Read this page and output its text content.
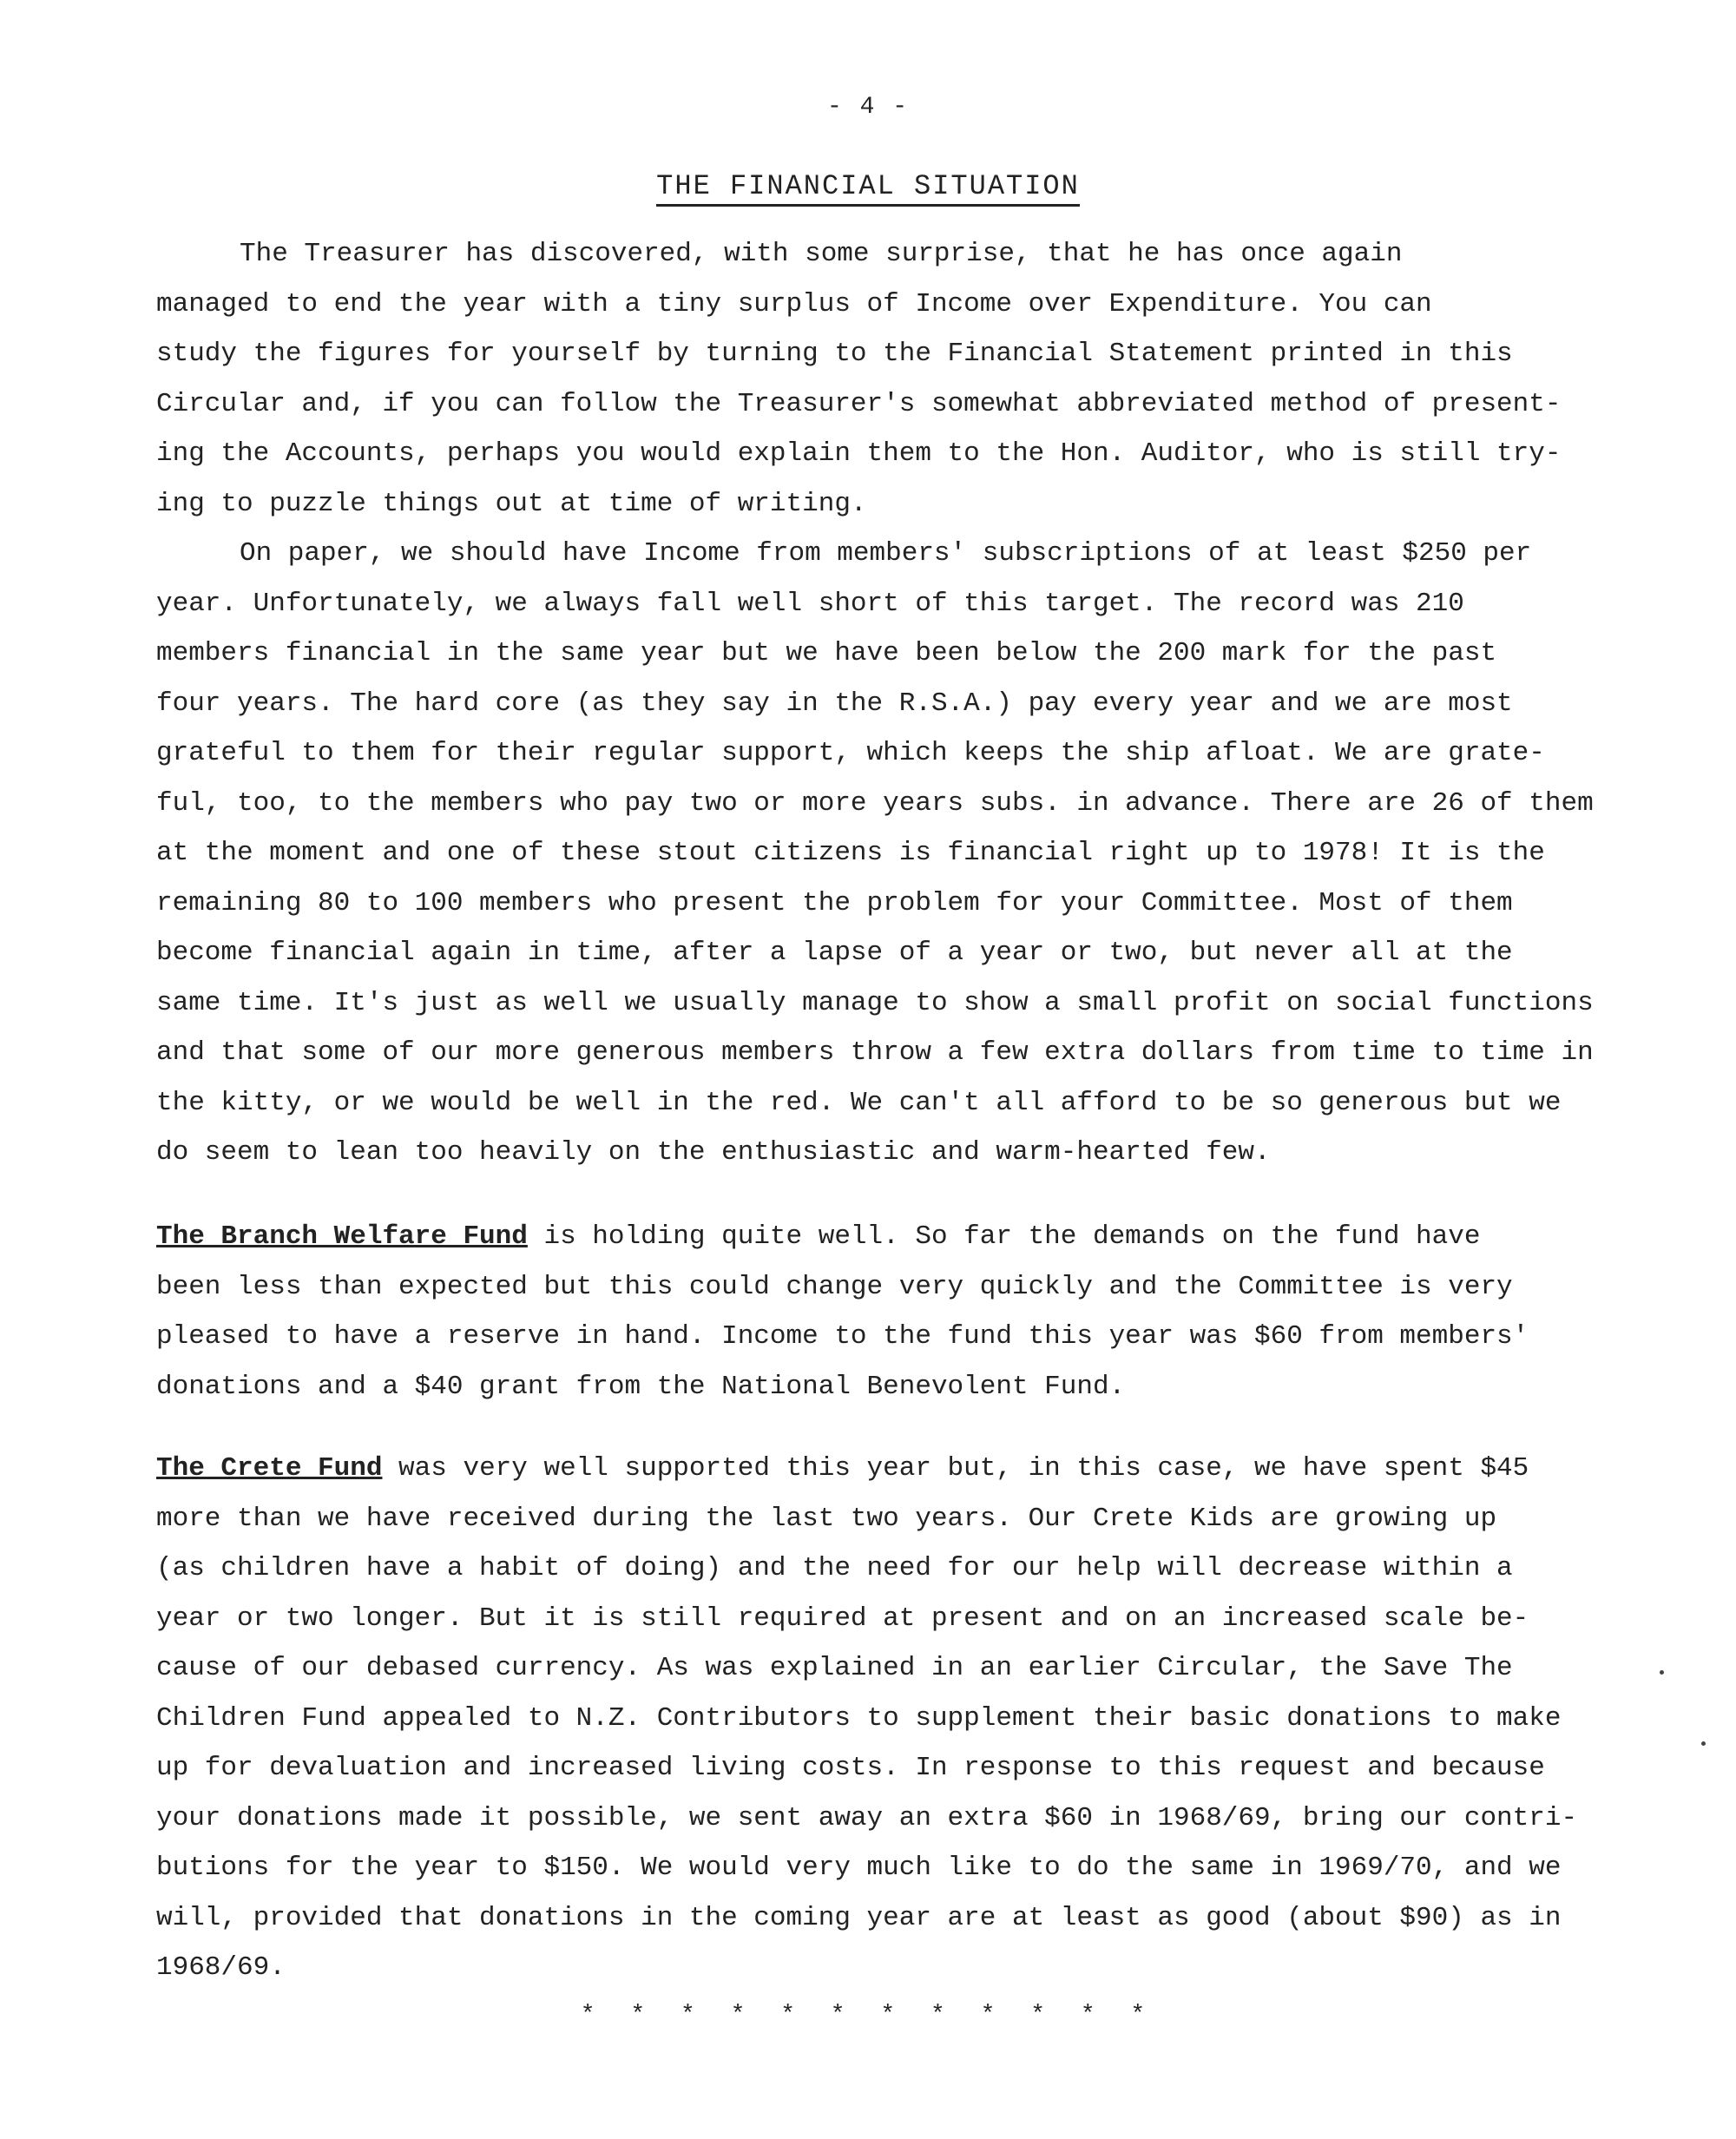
- 4 -
THE FINANCIAL SITUATION
The Treasurer has discovered, with some surprise, that he has once again
managed to end the year with a tiny surplus of Income over Expenditure. You can
study the figures for yourself by turning to the Financial Statement printed in this
Circular and, if you can follow the Treasurer's somewhat abbreviated method of present-
ing the Accounts, perhaps you would explain them to the Hon. Auditor, who is still try-
ing to puzzle things out at time of writing.
On paper, we should have Income from members' subscriptions of at least $250 per
year. Unfortunately, we always fall well short of this target. The record was 210
members financial in the same year but we have been below the 200 mark for the past
four years. The hard core (as they say in the R.S.A.) pay every year and we are most
grateful to them for their regular support, which keeps the ship afloat. We are grate-
ful, too, to the members who pay two or more years subs. in advance. There are 26 of them
at the moment and one of these stout citizens is financial right up to 1978! It is the
remaining 80 to 100 members who present the problem for your Committee. Most of them
become financial again in time, after a lapse of a year or two, but never all at the
same time. It's just as well we usually manage to show a small profit on social functions
and that some of our more generous members throw a few extra dollars from time to time in
the kitty, or we would be well in the red. We can't all afford to be so generous but we
do seem to lean too heavily on the enthusiastic and warm-hearted few.
The Branch Welfare Fund is holding quite well. So far the demands on the fund have
been less than expected but this could change very quickly and the Committee is very
pleased to have a reserve in hand. Income to the fund this year was $60 from members'
donations and a $40 grant from the National Benevolent Fund.
The Crete Fund was very well supported this year but, in this case, we have spent $45
more than we have received during the last two years. Our Crete Kids are growing up
(as children have a habit of doing) and the need for our help will decrease within a
year or two longer. But it is still required at present and on an increased scale be-
cause of our debased currency. As was explained in an earlier Circular, the Save The
Children Fund appealed to N.Z. Contributors to supplement their basic donations to make
up for devaluation and increased living costs. In response to this request and because
your donations made it possible, we sent away an extra $60 in 1968/69, bring our contri-
butions for the year to $150. We would very much like to do the same in 1969/70, and we
will, provided that donations in the coming year are at least as good (about $90) as in
1968/69.
* * * * * * * * * * * *
